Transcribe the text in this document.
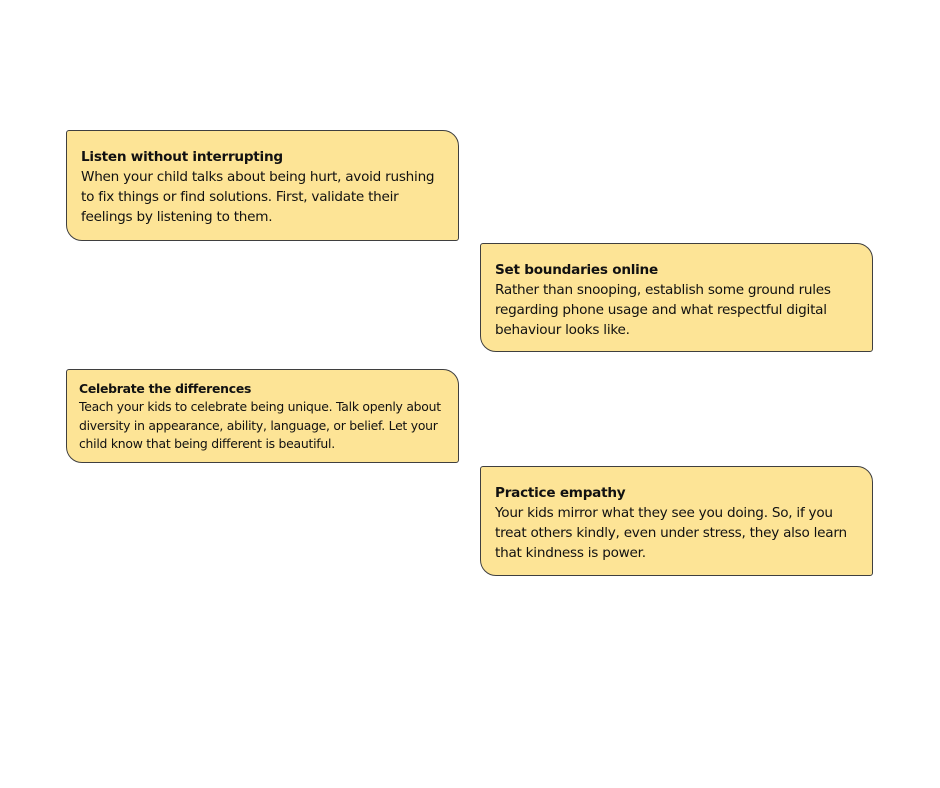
Listen without interrupting

When your child talks about being hurt, avoid rushing to fix things or find solutions. First, validate their feelings by listening to them.

Set boundaries online

Rather than snooping, establish some ground rules regarding phone usage and what respectful digital behaviour looks like.

Celebrate the differences

Teach your kids to celebrate being unique. Talk openly about diversity in appearance, ability, language, or belief. Let your child know that being different is beautiful.

Practice empathy

Your kids mirror what they see you doing. So, if you treat others kindly, even under stress, they also learn that kindness is power.
